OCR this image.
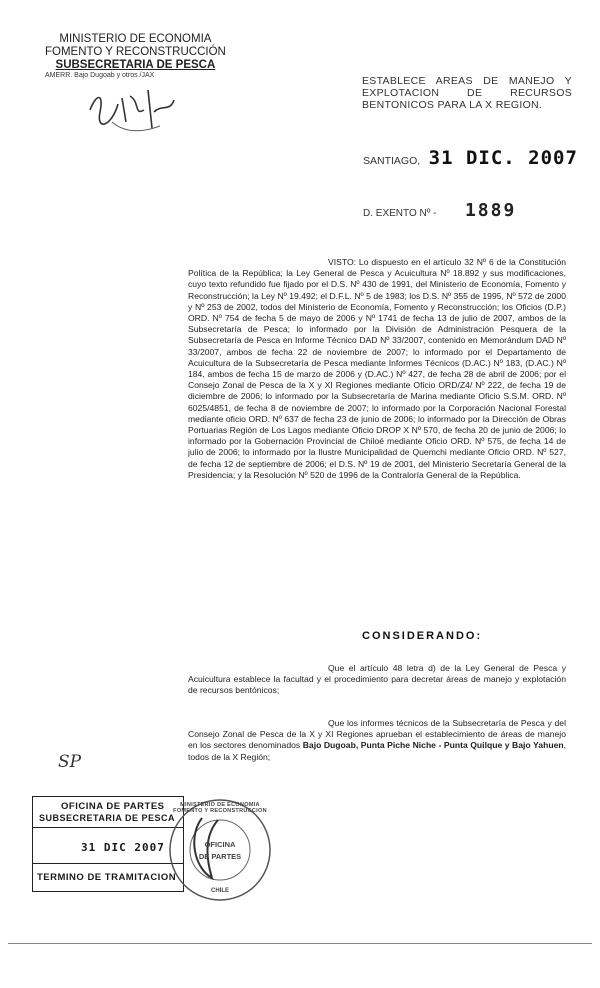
MINISTERIO DE ECONOMIA
FOMENTO Y RECONSTRUCCIÓN
SUBSECRETARIA DE PESCA
AMERR. Bajo Dugoab y otros /JAX	ESTABLECE AREAS DE MANEJO Y EXPLOTACION DE RECURSOS BENTONICOS PARA LA X REGION.
SANTIAGO, 31 DIC. 2007
D. EXENTO Nº - 1889
VISTO: Lo dispuesto en el artículo 32 Nº 6 de la Constitución Política de la República; la Ley General de Pesca y Acuicultura Nº 18.892 y sus modificaciones, cuyo texto refundido fue fijado por el D.S. Nº 430 de 1991, del Ministerio de Economía, Fomento y Reconstrucción; la Ley Nº 19.492; el D.F.L. Nº 5 de 1983; los D.S. Nº 355 de 1995, Nº 572 de 2000 y Nº 253 de 2002, todos del Ministerio de Economía, Fomento y Reconstrucción; los Oficios (D.P.) ORD. Nº 754 de fecha 5 de mayo de 2006 y Nº 1741 de fecha 13 de julio de 2007, ambos de la Subsecretaría de Pesca; lo informado por la División de Administración Pesquera de la Subsecretaría de Pesca en Informe Técnico DAD Nº 33/2007, contenido en Memorándum DAD Nº 33/2007, ambos de fecha 22 de noviembre de 2007; lo informado por el Departamento de Acuicultura de la Subsecretaría de Pesca mediante Informes Técnicos (D.AC.) Nº 183, (D.AC.) Nº 184, ambos de fecha 15 de marzo de 2006 y (D.AC.) Nº 427, de fecha 28 de abril de 2006; por el Consejo Zonal de Pesca de la X y XI Regiones mediante Oficio ORD/Z4/ Nº 222, de fecha 19 de diciembre de 2006; lo informado por la Subsecretaría de Marina mediante Oficio S.S.M. ORD. Nº 6025/4851, de fecha 8 de noviembre de 2007; lo informado por la Corporación Nacional Forestal mediante oficio ORD. Nº 637 de fecha 23 de junio de 2006; lo informado por la Dirección de Obras Portuarias Región de Los Lagos mediante Oficio DROP X Nº 570, de fecha 20 de junio de 2006; lo informado por la Gobernación Provincial de Chiloé mediante Oficio ORD. Nº 575, de fecha 14 de julio de 2006; lo informado por la Ilustre Municipalidad de Quemchi mediante Oficio ORD. Nº 527, de fecha 12 de septiembre de 2006; el D.S. Nº 19 de 2001, del Ministerio Secretaría General de la Presidencia; y la Resolución Nº 520 de 1996 de la Contraloría General de la República.
CONSIDERANDO:
Que el artículo 48 letra d) de la Ley General de Pesca y Acuicultura establece la facultad y el procedimiento para decretar áreas de manejo y explotación de recursos bentónicos;
Que los informes técnicos de la Subsecretaría de Pesca y del Consejo Zonal de Pesca de la X y XI Regiones aprueban el establecimiento de áreas de manejo en los sectores denominados Bajo Dugoab, Punta Piche Niche - Punta Quilque y Bajo Yahuen, todos de la X Región;
SP
OFICINA DE PARTES
SUBSECRETARIA DE PESCA
31 DIC 2007
TERMINO DE TRAMITACION
MINISTERIO DE ECONOMIA FOMENTO Y RECONSTRUCCION
OFICINA
DE PARTES
CHILE
